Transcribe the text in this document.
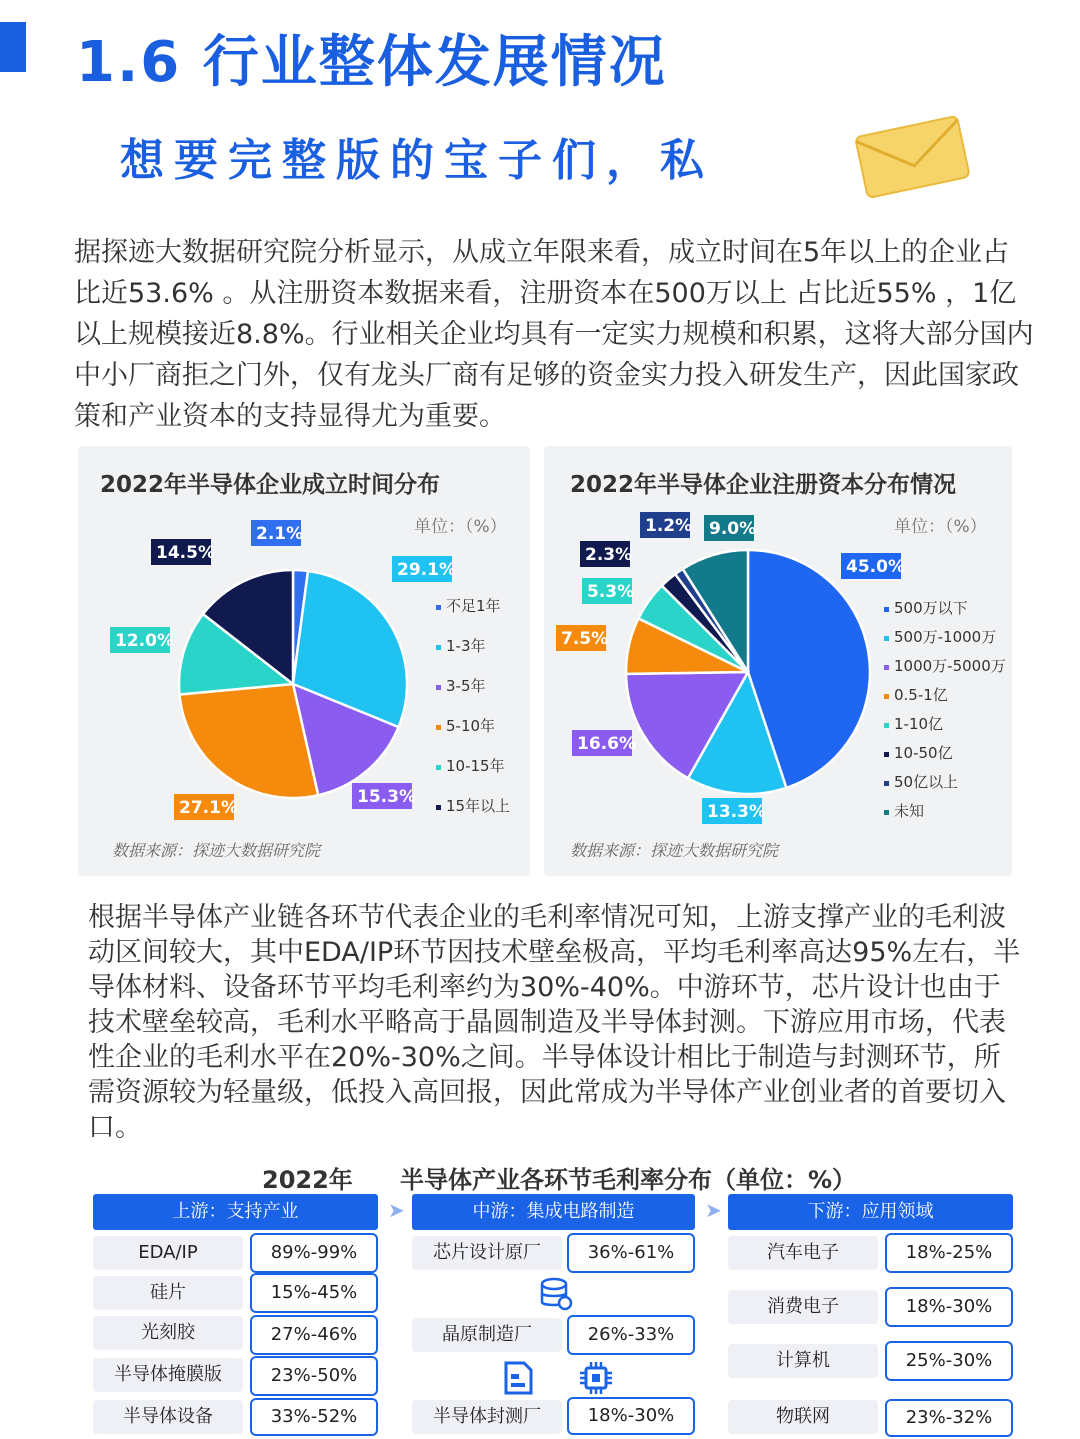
1.6 行业整体发展情况
想要完整版的宝子们，私
据探迹大数据研究院分析显示，从成立年限来看，成立时间在5年以上的企业占比近53.6% 。从注册资本数据来看，注册资本在500万以上 占比近55% ，1亿以上规模接近8.8%。行业相关企业均具有一定实力规模和积累，这将大部分国内中小厂商拒之门外，仅有龙头厂商有足够的资金实力投入研发生产，因此国家政策和产业资本的支持显得尤为重要。
2022年半导体企业成立时间分布
单位：（%）
2.1%
29.1%
15.3%
27.1%
12.0%
14.5%
不足1年
1-3年
3-5年
5-10年
10-15年
15年以上
数据来源：探迹大数据研究院
2022年半导体企业注册资本分布情况
单位：（%）
45.0%
13.3%
16.6%
7.5%
5.3%
2.3%
1.2% 9.0%
500万以下
500万-1000万
1000万-5000万
0.5-1亿
1-10亿
10-50亿
50亿以上
未知
数据来源：探迹大数据研究院
根据半导体产业链各环节代表企业的毛利率情况可知，上游支撑产业的毛利波动区间较大，其中EDA/IP环节因技术壁垒极高，平均毛利率高达95%左右，半导体材料、设备环节平均毛利率约为30%-40%。中游环节，芯片设计也由于技术壁垒较高，毛利水平略高于晶圆制造及半导体封测。下游应用市场，代表性企业的毛利水平在20%-30%之间。半导体设计相比于制造与封测环节，所需资源较为轻量级，低投入高回报，因此常成为半导体产业创业者的首要切入口。
2022年 半导体产业各环节毛利率分布（单位：%）
上游：支持产业	➤	中游：集成电路制造	➤	下游：应用领域
EDA/IP	89%-99%
硅片	15%-45%
光刻胶	27%-46%
半导体掩膜版	23%-50%
半导体设备	33%-52%
芯片设计原厂	36%-61%
晶原制造厂	26%-33%
半导体封测厂	18%-30%
汽车电子	18%-25%
消费电子	18%-30%
计算机	25%-30%
物联网	23%-32%
